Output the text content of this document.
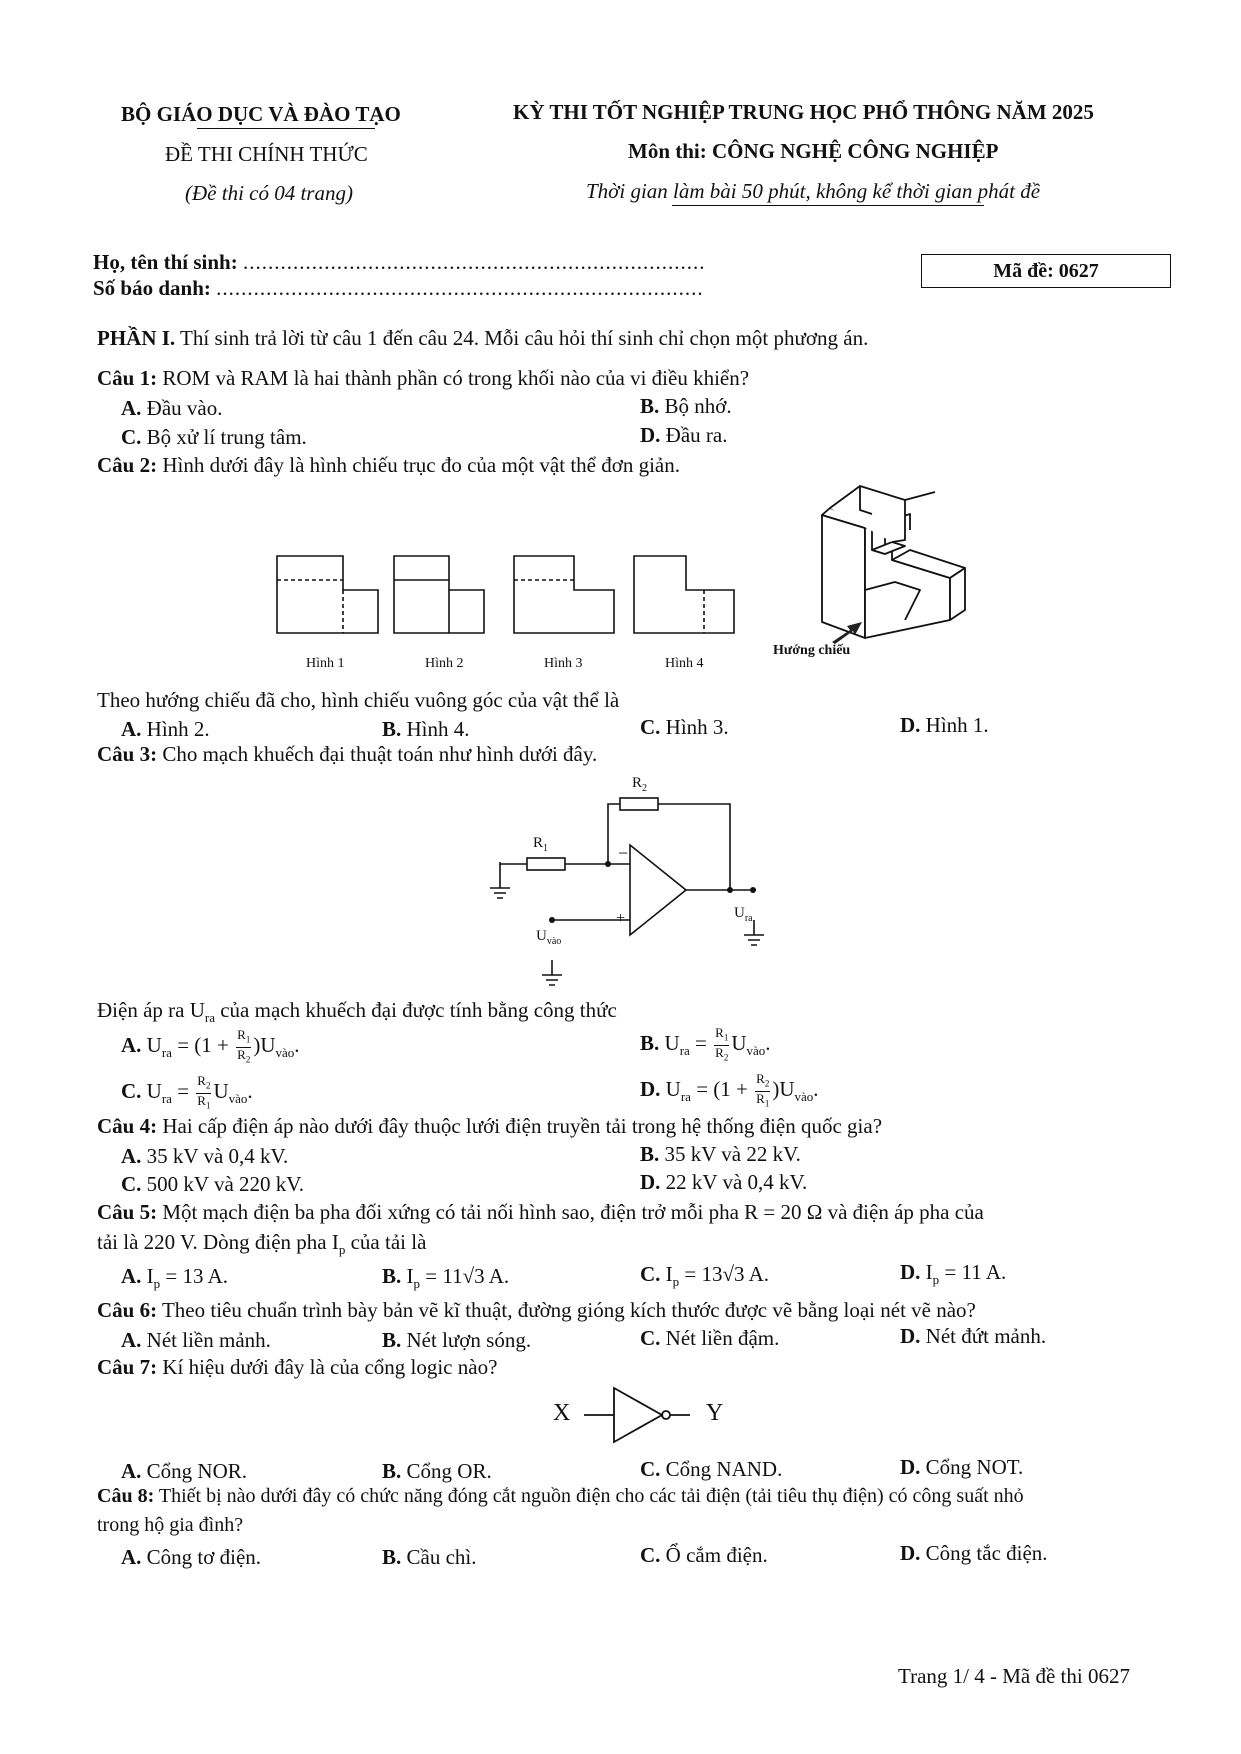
BỘ GIÁO DỤC VÀ ĐÀO TẠO
ĐỀ THI CHÍNH THỨC
(Đề thi có 04 trang)
KỲ THI TỐT NGHIỆP TRUNG HỌC PHỔ THÔNG NĂM 2025
Môn thi: CÔNG NGHỆ CÔNG NGHIỆP
Thời gian làm bài 50 phút, không kể thời gian phát đề
Họ, tên thí sinh: ..........................................................................
Số báo danh: ..............................................................................
Mã đề: 0627
PHẦN I. Thí sinh trả lời từ câu 1 đến câu 24. Mỗi câu hỏi thí sinh chỉ chọn một phương án.
Câu 1: ROM và RAM là hai thành phần có trong khối nào của vi điều khiển?
A. Đầu vào.	B. Bộ nhớ.
C. Bộ xử lí trung tâm.	D. Đầu ra.
Câu 2: Hình dưới đây là hình chiếu trục đo của một vật thể đơn giản.
Hình 1	Hình 2	Hình 3	Hình 4
Hướng chiếu
Theo hướng chiếu đã cho, hình chiếu vuông góc của vật thể là
A. Hình 2.	B. Hình 4.	C. Hình 3.	D. Hình 1.
Câu 3: Cho mạch khuếch đại thuật toán như hình dưới đây.
−
+
$R_2$
$R_1$
$U_{vào}$
$U_{ra}$
Điện áp ra $U_{ra}$ của mạch khuếch đại được tính bằng công thức
A. $U_{ra} = (1 + \frac{R_1}{R_2} )U_{vào}$.	B. $U_{ra} = \frac{R_1}{R_2} U_{vào}$.
C. $U_{ra} = \frac{R_2}{R_1} U_{vào}$.	D. $U_{ra} = (1 + \frac{R_2}{R_1} )U_{vào}$.
Câu 4: Hai cấp điện áp nào dưới đây thuộc lưới điện truyền tải trong hệ thống điện quốc gia?
A. 35 kV và 0,4 kV.	B. 35 kV và 22 kV.
C. 500 kV và 220 kV.	D. 22 kV và 0,4 kV.
Câu 5: Một mạch điện ba pha đối xứng có tải nối hình sao, điện trở mỗi pha R = 20 Ω và điện áp pha của
tải là 220 V. Dòng điện pha $I_p$ của tải là
A. $I_p = 13$ A.	B. $I_p = 11√3$ A.	C. $I_p = 13√3$ A.	D. $I_p = 11$ A.
Câu 6: Theo tiêu chuẩn trình bày bản vẽ kĩ thuật, đường gióng kích thước được vẽ bằng loại nét vẽ nào?
A. Nét liền mảnh.	B. Nét lượn sóng.	C. Nét liền đậm.	D. Nét đứt mảnh.
Câu 7: Kí hiệu dưới đây là của cổng logic nào?
X	Y
A. Cổng NOR.	B. Cổng OR.	C. Cổng NAND.	D. Cổng NOT.
Câu 8: Thiết bị nào dưới đây có chức năng đóng cắt nguồn điện cho các tải điện (tải tiêu thụ điện) có công suất nhỏ
trong hộ gia đình?
A. Công tơ điện.	B. Cầu chì.	C. Ổ cắm điện.	D. Công tắc điện.
Trang 1/ 4 - Mã đề thi 0627
